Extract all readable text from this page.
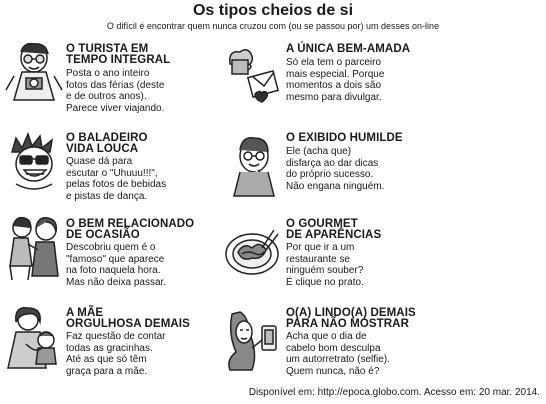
Os tipos cheios de si
O difícil é encontrar quem nunca cruzou com (ou se passou por) um desses on-line
O TURISTA EM
TEMPO INTEGRAL
Posta o ano inteiro
fotos das férias (deste
e de outros anos).
Parece viver viajando.
A ÚNICA BEM-AMADA
Só ela tem o parceiro
mais especial. Porque
momentos a dois são
mesmo para divulgar.
O BALADEIRO
VIDA LOUCA
Quase dá para
escutar o "Uhuuu!!!",
pelas fotos de bebidas
e pistas de dança.
O EXIBIDO HUMILDE
Ele (acha que)
disfarça ao dar dicas
do próprio sucesso.
Não engana ninguém.
O BEM RELACIONADO
DE OCASIÃO
Descobriu quem é o
"famoso" que aparece
na foto naquela hora.
Mas não deixa passar.
O GOURMET
DE APARÊNCIAS
Por que ir a um
restaurante se
ninguém souber?
É clique no prato.
A MÃE
ORGULHOSA DEMAIS
Faz questão de contar
todas as gracinhas.
Até as que só têm
graça para a mãe.
O(A) LINDO(A) DEMAIS
PARA NÃO MOSTRAR
Acha que o dia de
cabelo bom desculpa
um autorretrato (selfie).
Quem nunca, não é?
Disponível em: http://epoca.globo.com. Acesso em: 20 mar. 2014.
